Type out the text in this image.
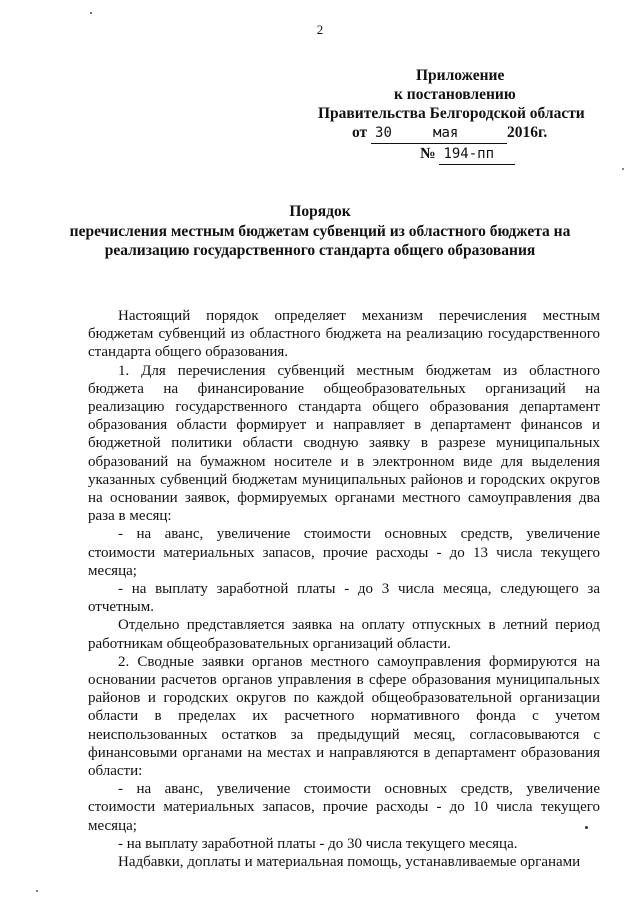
2
Приложение
к постановлению
Правительства Белгородской области
от 30	мая	2016г.
№ 194-пп
Порядок
перечисления местным бюджетам субвенций из областного бюджета на
реализацию государственного стандарта общего образования

Настоящий порядок определяет механизм перечисления местным бюджетам субвенций из областного бюджета на реализацию государственного стандарта общего образования.

1. Для перечисления субвенций местным бюджетам из областного бюджета на финансирование общеобразовательных организаций на реализацию государственного стандарта общего образования департамент образования области формирует и направляет в департамент финансов и бюджетной политики области сводную заявку в разрезе муниципальных образований на бумажном носителе и в электронном виде для выделения указанных субвенций бюджетам муниципальных районов и городских округов на основании заявок, формируемых органами местного самоуправления два раза в месяц:

- на аванс, увеличение стоимости основных средств, увеличение стоимости материальных запасов, прочие расходы - до 13 числа текущего месяца;

- на выплату заработной платы - до 3 числа месяца, следующего за отчетным.

Отдельно представляется заявка на оплату отпускных в летний период работникам общеобразовательных организаций области.

2. Сводные заявки органов местного самоуправления формируются на основании расчетов органов управления в сфере образования муниципальных районов и городских округов по каждой общеобразовательной организации области в пределах их расчетного нормативного фонда с учетом неиспользованных остатков за предыдущий месяц, согласовываются с финансовыми органами на местах и направляются в департамент образования области:

- на аванс, увеличение стоимости основных средств, увеличение стоимости материальных запасов, прочие расходы - до 10 числа текущего месяца;

- на выплату заработной платы - до 30 числа текущего месяца.

Надбавки, доплаты и материальная помощь, устанавливаемые органами
